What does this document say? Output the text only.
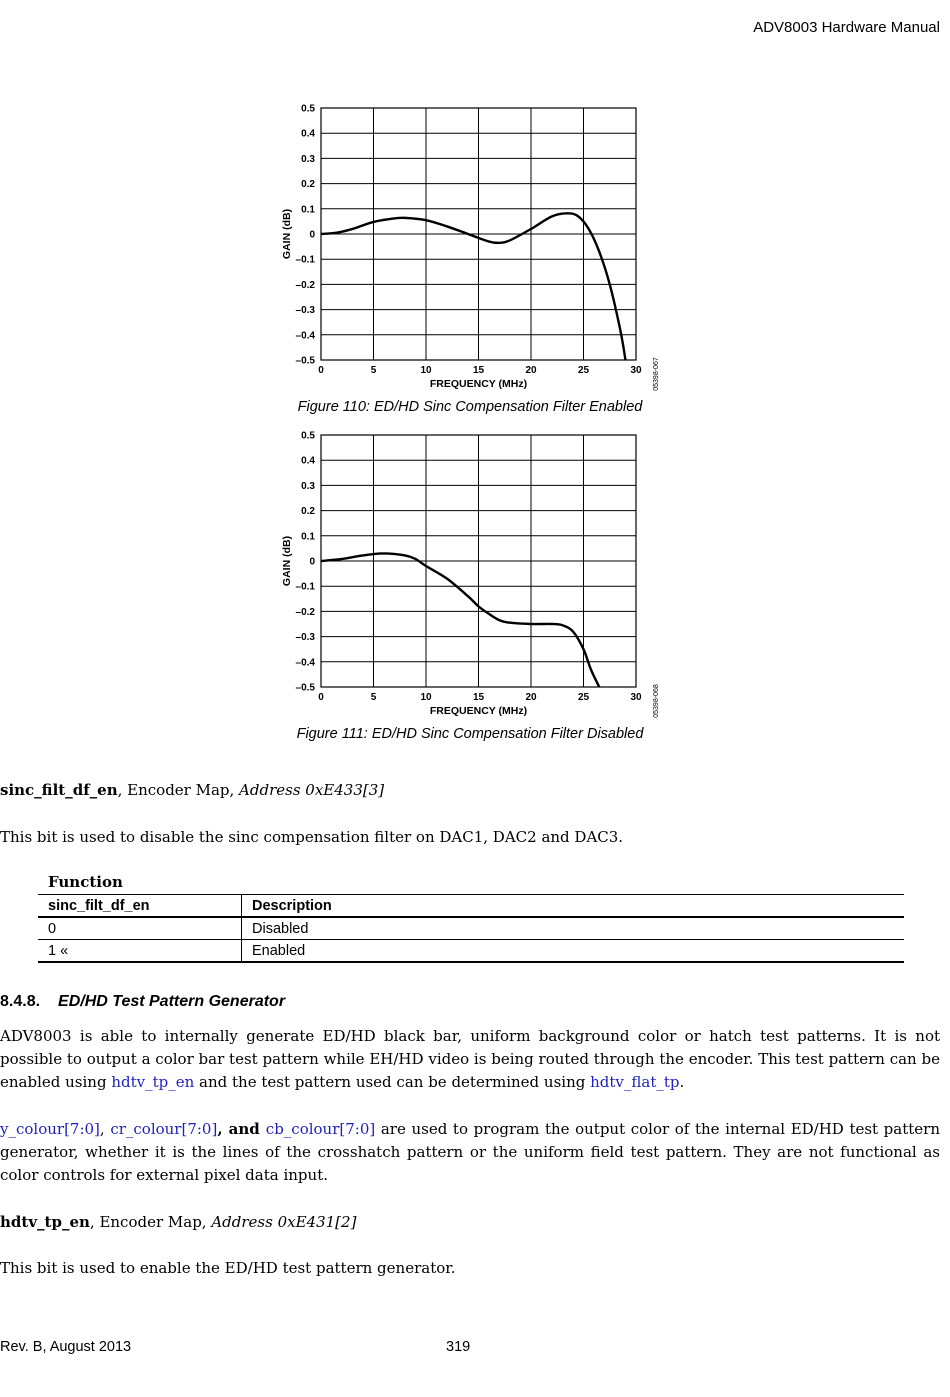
ADV8003 Hardware Manual
0.5
0.4
0.3
0.2
0.1
0
–0.1
–0.2
–0.3
–0.4
–0.5
0	5	10	15	20	25	30
FREQUENCY (MHz)
GAIN (dB)
05398-067
Figure 110: ED/HD Sinc Compensation Filter Enabled
0.5
0.4
0.3
0.2
0.1
0
–0.1
–0.2
–0.3
–0.4
–0.5
0	5	10	15	20	25	30
FREQUENCY (MHz)
GAIN (dB)
05398-068
Figure 111: ED/HD Sinc Compensation Filter Disabled
sinc_filt_df_en, Encoder Map, Address 0xE433[3]
This bit is used to disable the sinc compensation filter on DAC1, DAC2 and DAC3.
Function
sinc_filt_df_en	Description
0	Disabled
1 «	Enabled
8.4.8. ED/HD Test Pattern Generator
ADV8003 is able to internally generate ED/HD black bar, uniform background color or hatch test patterns. It is not possible to output a color bar test pattern while EH/HD video is being routed through the encoder. This test pattern can be enabled using hdtv_tp_en and the test pattern used can be determined using hdtv_flat_tp.
y_colour[7:0], cr_colour[7:0], and cb_colour[7:0] are used to program the output color of the internal ED/HD test pattern generator, whether it is the lines of the crosshatch pattern or the uniform field test pattern. They are not functional as color controls for external pixel data input.
hdtv_tp_en, Encoder Map, Address 0xE431[2]
This bit is used to enable the ED/HD test pattern generator.
Rev. B, August 2013	319
